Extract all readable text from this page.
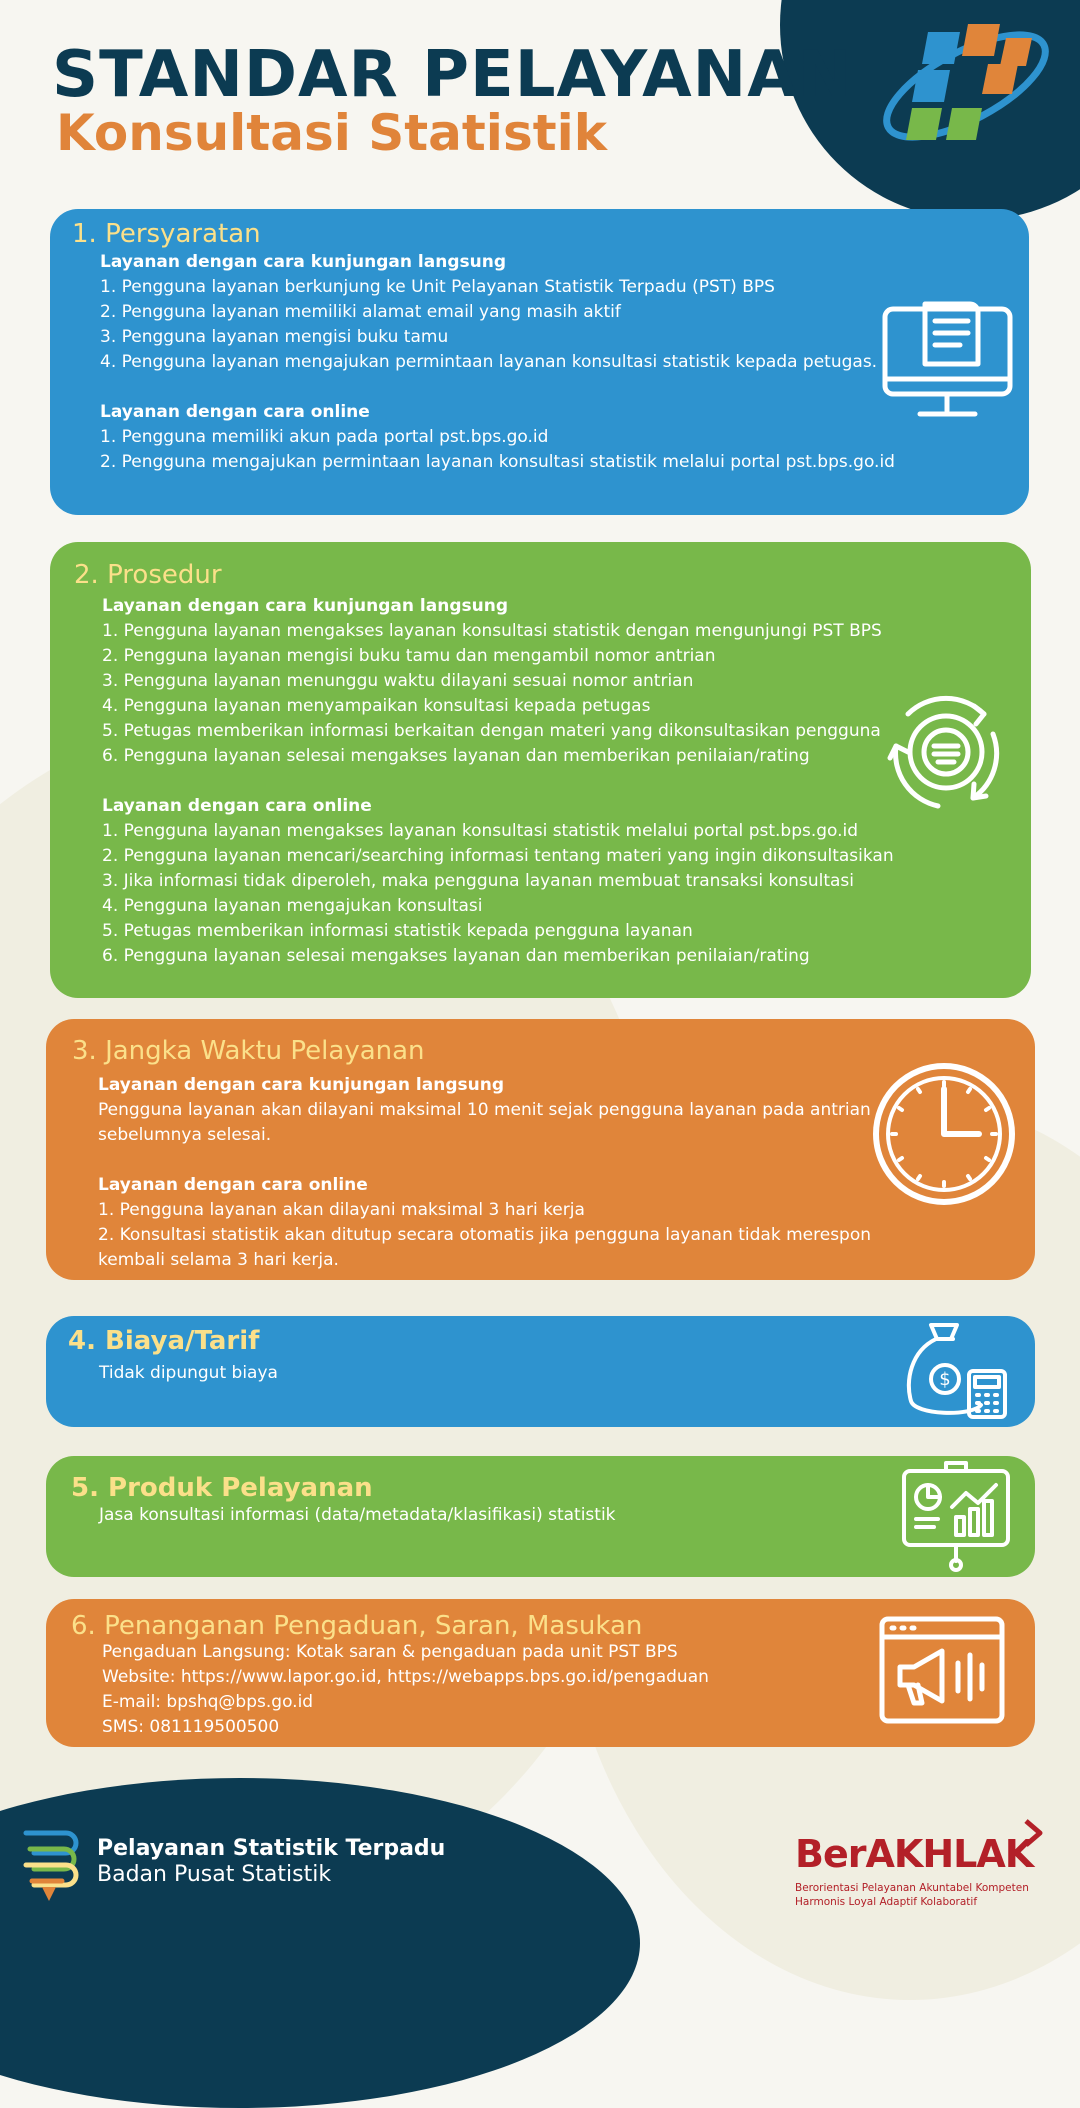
STANDAR PELAYANAN
Konsultasi Statistik
1. Persyaratan
Layanan dengan cara kunjungan langsung
1. Pengguna layanan berkunjung ke Unit Pelayanan Statistik Terpadu (PST) BPS
2. Pengguna layanan memiliki alamat email yang masih aktif
3. Pengguna layanan mengisi buku tamu
4. Pengguna layanan mengajukan permintaan layanan konsultasi statistik kepada petugas.
Layanan dengan cara online
1. Pengguna memiliki akun pada portal pst.bps.go.id
2. Pengguna mengajukan permintaan layanan konsultasi statistik melalui portal pst.bps.go.id
2. Prosedur
Layanan dengan cara kunjungan langsung
1. Pengguna layanan mengakses layanan konsultasi statistik dengan mengunjungi PST BPS
2. Pengguna layanan mengisi buku tamu dan mengambil nomor antrian
3. Pengguna layanan menunggu waktu dilayani sesuai nomor antrian
4. Pengguna layanan menyampaikan konsultasi kepada petugas
5. Petugas memberikan informasi berkaitan dengan materi yang dikonsultasikan pengguna
6. Pengguna layanan selesai mengakses layanan dan memberikan penilaian/rating
Layanan dengan cara online
1. Pengguna layanan mengakses layanan konsultasi statistik melalui portal pst.bps.go.id
2. Pengguna layanan mencari/searching informasi tentang materi yang ingin dikonsultasikan
3. Jika informasi tidak diperoleh, maka pengguna layanan membuat transaksi konsultasi
4. Pengguna layanan mengajukan konsultasi
5. Petugas memberikan informasi statistik kepada pengguna layanan
6. Pengguna layanan selesai mengakses layanan dan memberikan penilaian/rating
3. Jangka Waktu Pelayanan
Layanan dengan cara kunjungan langsung
Pengguna layanan akan dilayani maksimal 10 menit sejak pengguna layanan pada antrian sebelumnya selesai.
Layanan dengan cara online
1. Pengguna layanan akan dilayani maksimal 3 hari kerja
2. Konsultasi statistik akan ditutup secara otomatis jika pengguna layanan tidak merespon kembali selama 3 hari kerja.
4. Biaya/Tarif
Tidak dipungut biaya	$
5. Produk Pelayanan
Jasa konsultasi informasi (data/metadata/klasifikasi) statistik
6. Penanganan Pengaduan, Saran, Masukan
Pengaduan Langsung: Kotak saran & pengaduan pada unit PST BPS
Website: https://www.lapor.go.id, https://webapps.bps.go.id/pengaduan
E-mail: bpshq@bps.go.id
SMS: 081119500500
Pelayanan Statistik Terpadu
Badan Pusat Statistik	BerAKHLAK
Berorientasi Pelayanan Akuntabel Kompeten
Harmonis Loyal Adaptif Kolaboratif
